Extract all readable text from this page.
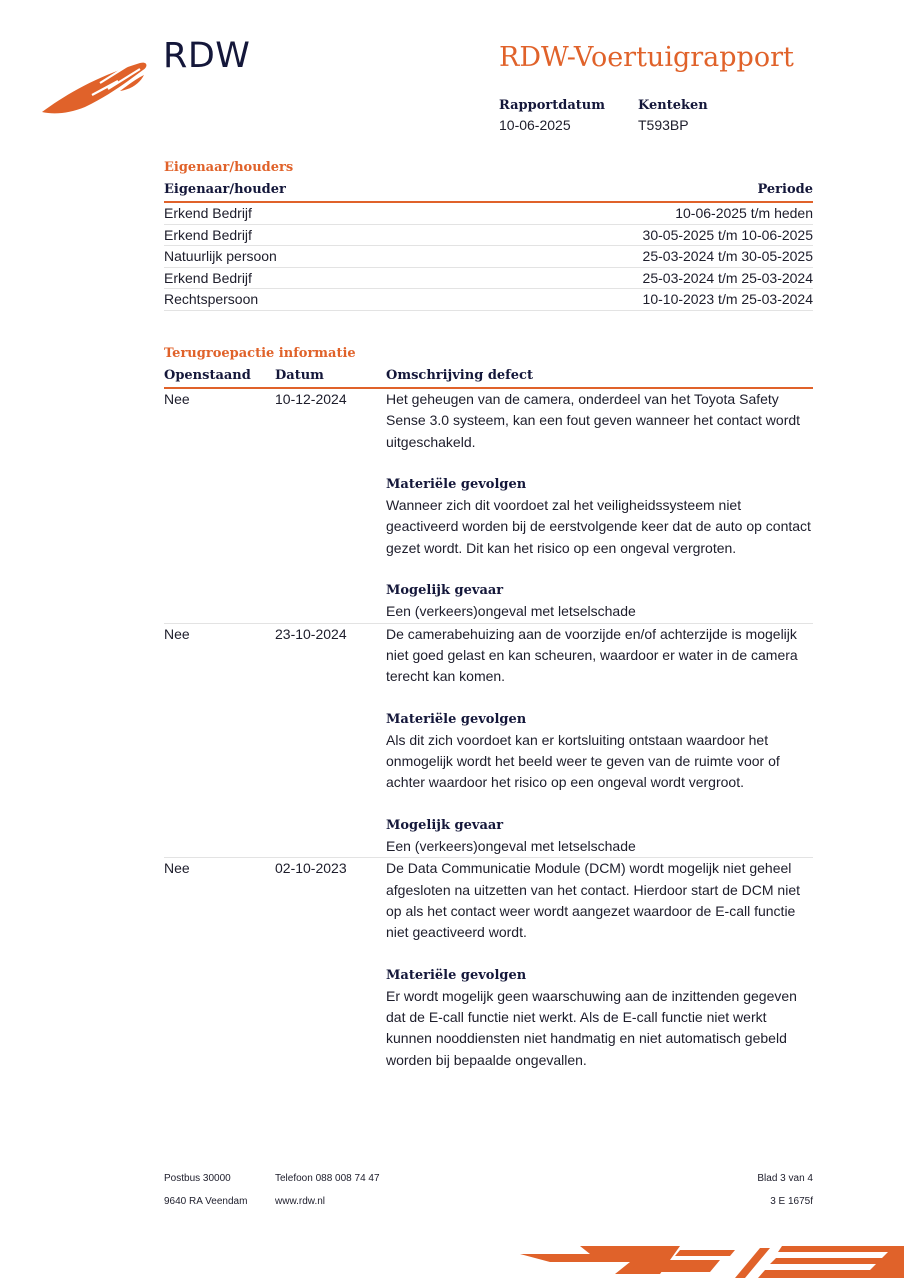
RDW	RDW-Voertuigrapport
Rapportdatum
10-06-2025
Kenteken
T593BP
Eigenaar/houders
Eigenaar/houder	Periode
Erkend Bedrijf	10-06-2025 t/m heden
Erkend Bedrijf	30-05-2025 t/m 10-06-2025
Natuurlijk persoon	25-03-2024 t/m 30-05-2025
Erkend Bedrijf	25-03-2024 t/m 25-03-2024
Rechtspersoon	10-10-2023 t/m 25-03-2024
Terugroepactie informatie
Openstaand Datum	Omschrijving defect
Nee	10-12-2024	Het geheugen van de camera, onderdeel van het Toyota Safety Sense 3.0 systeem, kan een fout geven wanneer het contact wordt uitgeschakeld.

Materiële gevolgen

Wanneer zich dit voordoet zal het veiligheidssysteem niet geactiveerd worden bij de eerstvolgende keer dat de auto op contact gezet wordt. Dit kan het risico op een ongeval vergroten.

Mogelijk gevaar

Een (verkeers)ongeval met letselschade

Nee	23-10-2024	De camerabehuizing aan de voorzijde en/of achterzijde is mogelijk niet goed gelast en kan scheuren, waardoor er water in de camera terecht kan komen.

Materiële gevolgen

Als dit zich voordoet kan er kortsluiting ontstaan waardoor het onmogelijk wordt het beeld weer te geven van de ruimte voor of achter waardoor het risico op een ongeval wordt vergroot.

Mogelijk gevaar

Een (verkeers)ongeval met letselschade

Nee	02-10-2023	De Data Communicatie Module (DCM) wordt mogelijk niet geheel afgesloten na uitzetten van het contact. Hierdoor start de DCM niet op als het contact weer wordt aangezet waardoor de E-call functie niet geactiveerd wordt.

Materiële gevolgen

Er wordt mogelijk geen waarschuwing aan de inzittenden gegeven dat de E-call functie niet werkt. Als de E-call functie niet werkt kunnen nooddiensten niet handmatig en niet automatisch gebeld worden bij bepaalde ongevallen.

Postbus 30000
9640 RA Veendam
Telefoon 088 008 74 47
www.rdw.nl
Blad 3 van 4
3 E 1675f
